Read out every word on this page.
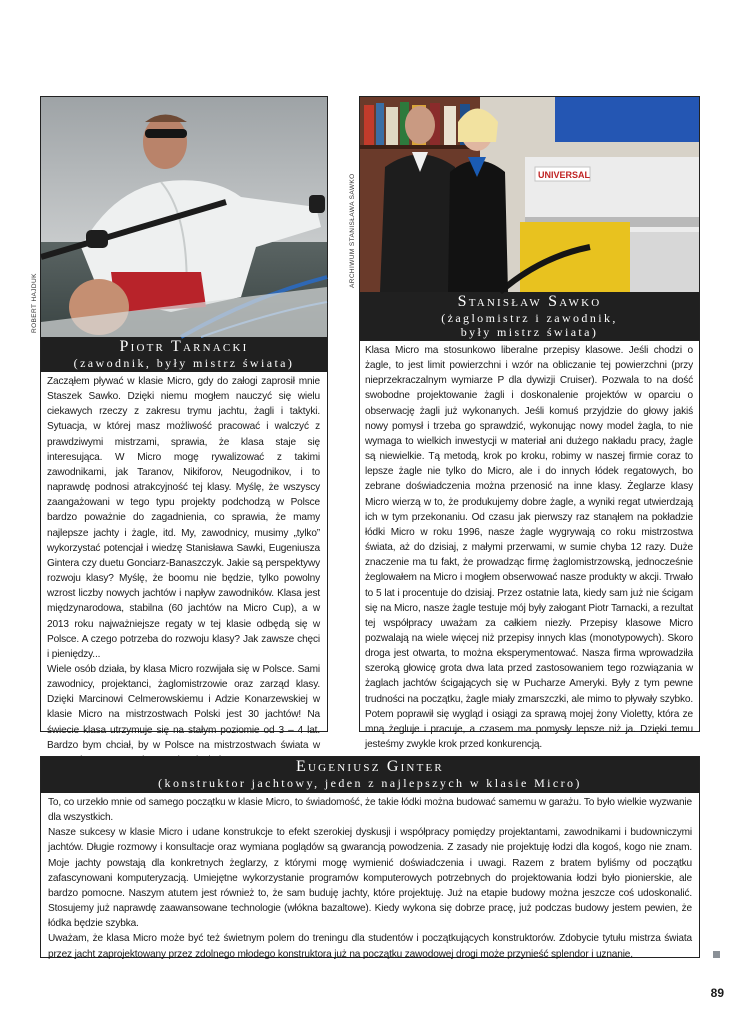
ROBERT HAJDUK
ARCHIWUM STANISŁAWA SAWKO
Piotr Tarnacki
(zawodnik, były mistrz świata)

Zacząłem pływać w klasie Micro, gdy do załogi zaprosił mnie Staszek Sawko. Dzięki niemu mogłem nauczyć się wielu ciekawych rzeczy z zakresu trymu jachtu, żagli i taktyki. Sytuacja, w której masz możliwość pracować i walczyć z prawdziwymi mistrzami, sprawia, że klasa staje się interesująca. W Micro mogę rywalizować z takimi zawodnikami, jak Taranov, Nikiforov, Neugodnikov, i to naprawdę podnosi atrakcyjność tej klasy. Myślę, że wszyscy zaangażowani w tego typu projekty podchodzą w Polsce bardzo poważnie do zagadnienia, co sprawia, że mamy najlepsze jachty i żagle, itd. My, zawodnicy, musimy „tylko” wykorzystać potencjał i wiedzę Stanisława Sawki, Eugeniusza Gintera czy duetu Gonciarz-Banaszczyk. Jakie są perspektywy rozwoju klasy? Myślę, że boomu nie będzie, tylko powolny wzrost liczby nowych jachtów i napływ zawodników. Klasa jest międzynarodowa, stabilna (60 jachtów na Micro Cup), a w 2013 roku najważniejsze regaty w tej klasie odbędą się w Polsce. A czego potrzeba do rozwoju klasy? Jak zawsze chęci i pieniędzy...

Wiele osób działa, by klasa Micro rozwijała się w Polsce. Sami zawodnicy, projektanci, żaglomistrzowie oraz zarząd klasy. Dzięki Marcinowi Celmerowskiemu i Adzie Konarzewskiej w klasie Micro na mistrzostwach Polski jest 30 jachtów! Na świecie klasa utrzymuje się na stałym poziomie od 3 – 4 lat. Bardzo bym chciał, by w Polsce na mistrzostwach świata w

UNIVERSAL
Stanisław Sawko
(żaglomistrz i zawodnik,
były mistrz świata)

Klasa Micro ma stosunkowo liberalne przepisy klasowe. Jeśli chodzi o żagle, to jest limit powierzchni i wzór na obliczanie tej powierzchni (przy nieprzekraczalnym wymiarze P dla dywizji Cruiser). Pozwala to na dość swobodne projektowanie żagli i doskonalenie projektów w oparciu o obserwację żagli już wykonanych. Jeśli komuś przyjdzie do głowy jakiś nowy pomysł i trzeba go sprawdzić, wykonując nowy model żagla, to nie wymaga to wielkich inwestycji w materiał ani dużego nakładu pracy, żagle są niewielkie. Tą metodą, krok po kroku, robimy w naszej firmie coraz to lepsze żagle nie tylko do Micro, ale i do innych łódek regatowych, bo zebrane doświadczenia można przenosić na inne klasy. Żeglarze klasy Micro wierzą w to, że produkujemy dobre żagle, a wyniki regat utwierdzają ich w tym przekonaniu. Od czasu jak pierwszy raz stanąłem na pokładzie łódki Micro w roku 1996, nasze żagle wygrywają co roku mistrzostwa świata, aż do dzisiaj, z małymi przerwami, w sumie chyba 12 razy. Duże znaczenie ma tu fakt, że prowadząc firmę żaglomistrzowską, jednocześnie żeglowałem na Micro i mogłem obserwować nasze produkty w akcji. Trwało to 5 lat i procentuje do dzisiaj. Przez ostatnie lata, kiedy sam już nie ścigam się na Micro, nasze żagle testuje mój były załogant Piotr Tarnacki, a rezultat tej współpracy uważam za całkiem niezły. Przepisy klasowe Micro pozwalają na wiele więcej niż przepisy innych klas (monotypowych). Skoro droga jest otwarta, to można eksperymentować. Nasza firma wprowadziła szeroką głowicę grota dwa lata przed zastosowaniem tego rozwiązania w żaglach jachtów ścigających się w Pucharze Ameryki. Były z tym pewne trudności na początku, żagle miały zmarszczki, ale mimo to pływały szybko. Potem poprawił się wygląd i osiągi za sprawą mojej żony Violetty, która ze mną żegluje i pracuje, a czasem ma pomysły lepsze niż ja. Dzięki temu jesteśmy zwykle krok przed konkurencją.

Eugeniusz Ginter
(konstruktor jachtowy, jeden z najlepszych w klasie Micro)

To, co urzekło mnie od samego początku w klasie Micro, to świadomość, że takie łódki można budować samemu w garażu. To było wielkie wyzwanie dla wszystkich.

Nasze sukcesy w klasie Micro i udane konstrukcje to efekt szerokiej dyskusji i współpracy pomiędzy projektantami, zawodnikami i budowniczymi jachtów. Długie rozmowy i konsultacje oraz wymiana poglądów są gwarancją powodzenia. Z zasady nie projektuję łodzi dla kogoś, kogo nie znam. Moje jachty powstają dla konkretnych żeglarzy, z którymi mogę wymienić doświadczenia i uwagi. Razem z bratem byliśmy od początku zafascynowani komputeryzacją. Umiejętne wykorzystanie programów komputerowych potrzebnych do projektowania łodzi było pionierskie, ale bardzo pomocne. Naszym atutem jest również to, że sam buduję jachty, które projektuję. Już na etapie budowy można jeszcze coś udoskonalić. Stosujemy już naprawdę zaawansowane technologie (włókna bazaltowe). Kiedy wykona się dobrze pracę, już podczas budowy jestem pewien, że łódka będzie szybka.

Uważam, że klasa Micro może być też świetnym polem do treningu dla studentów i początkujących konstruktorów. Zdobycie tytułu mistrza świata przez jacht zaprojektowany przez zdolnego młodego konstruktora już na początku zawodowej drogi może przynieść splendor i uznanie.

89
